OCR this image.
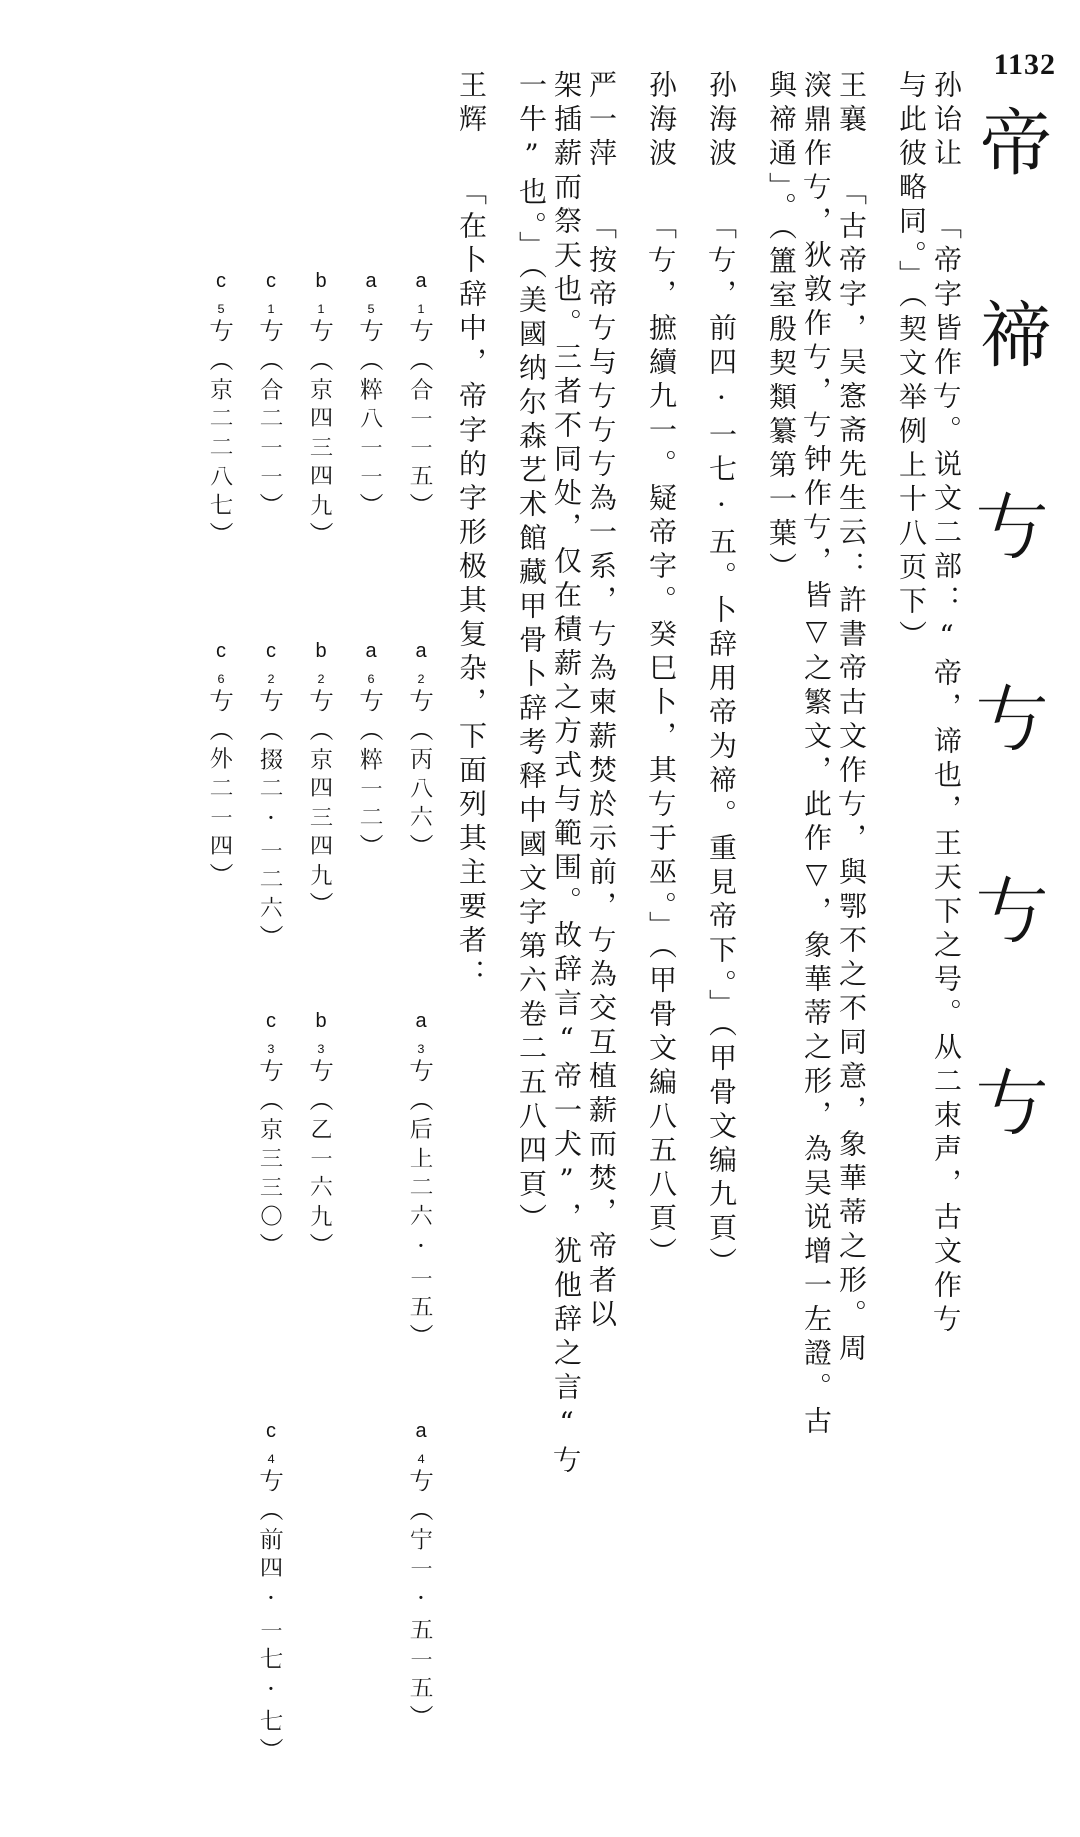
1132
帝 禘 𠀁 𠀁 𠀁 𠀁
孙诒让 「帝字皆作𠀁。说文二部：“帝，谛也，王天下之号。从二朿声，古文作𠀁
与此彼略同。」（契文举例上十八页下）
王襄 「古帝字，吴愙斋先生云：許書帝古文作𠀁，與鄂不之不同意，象華蒂之形。周
㴱鼎作𠀁，狄敦作𠀁，𠀁钟作𠀁，皆▽之繁文，此作▽，象華蒂之形，為吴说增一左證。古
與禘通」。（簠室殷契類纂第一葉）
孙海波 「𠀁，前四·一七·五。卜辞用帝为禘。重見帝下。」（甲骨文编九頁）
孙海波 「𠀁，摭續九一。疑帝字。癸巳卜，其𠀁于巫。」（甲骨文編八五八頁）
严一萍 「按帝𠀁与𠀁𠀁𠀁為一系，𠀁為柬薪焚於示前，𠀁為交互植薪而焚，帝者以
架插薪而祭天也。三者不同处，仅在積薪之方式与範围。故辞言“帝一犬”，犹他辞之言“𠀁
一牛”也。」（美國纳尔森艺术館藏甲骨卜辞考释中國文字第六卷二五八四頁）
王辉 「在卜辞中，帝字的字形极其复杂，下面列其主要者：
a₁𠀁（合一一五）
a₂𠀁（丙八六）
a₃𠀁（后上二六·一五）
a₄𠀁（宁一·五一五）
a₅𠀁（粹八一一）
a₆𠀁（粹一二）
b₁𠀁（京四三四九）
b₂𠀁（京四三四九）
b₃𠀁（乙一六九）
c₁𠀁（合二一一）
c₂𠀁（掇二·一二六）
c₃𠀁（京三三〇）
c₄𠀁（前四·一七·七）
c₅𠀁（京二二八七）
c₆𠀁（外二一四）
